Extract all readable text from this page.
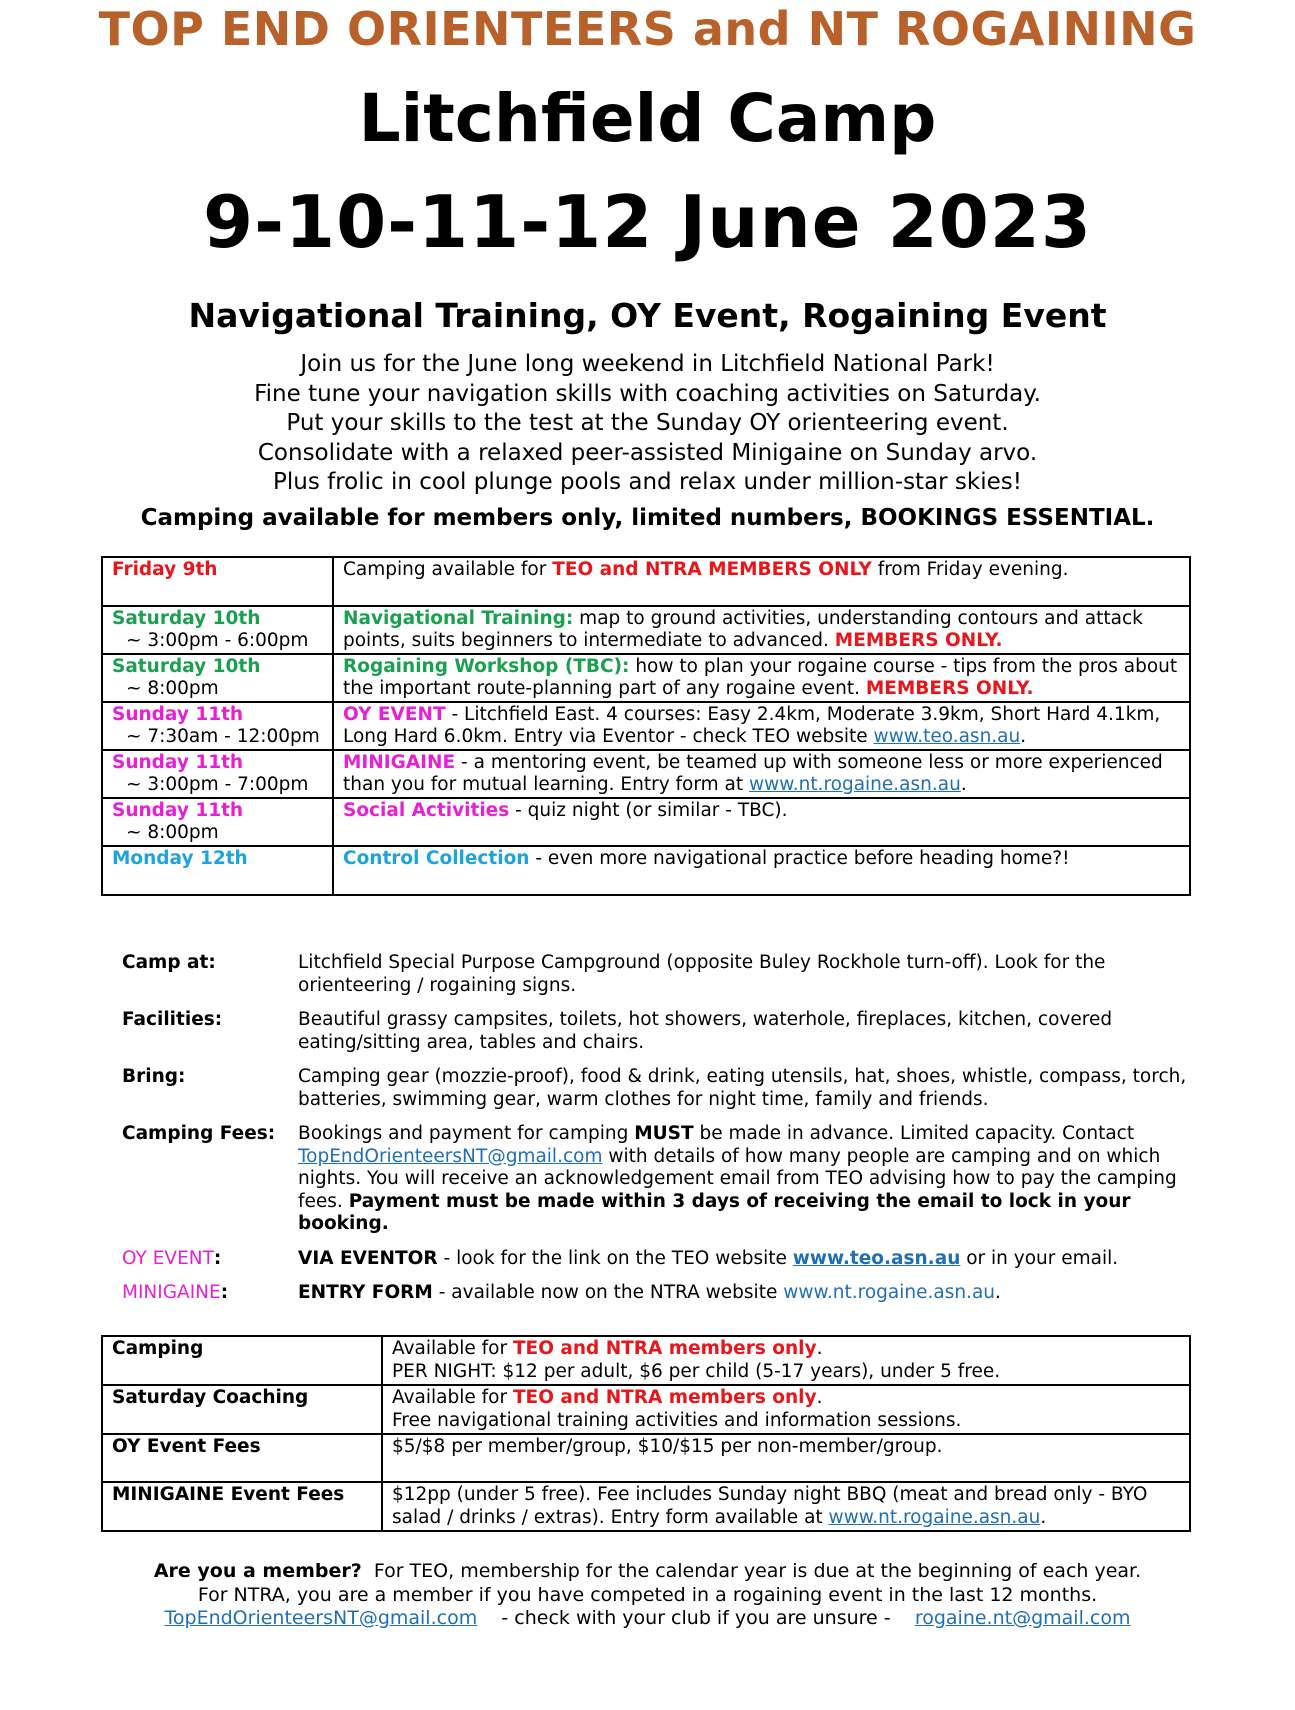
TOP END ORIENTEERS and NT ROGAINING
Litchfield Camp
9-10-11-12 June 2023
Navigational Training, OY Event, Rogaining Event
Join us for the June long weekend in Litchfield National Park!
Fine tune your navigation skills with coaching activities on Saturday.
Put your skills to the test at the Sunday OY orienteering event.
Consolidate with a relaxed peer-assisted Minigaine on Sunday arvo.
Plus frolic in cool plunge pools and relax under million-star skies!
Camping available for members only, limited numbers, BOOKINGS ESSENTIAL.
Friday 9th	Camping available for TEO and NTRA MEMBERS ONLY from Friday evening.

Saturday 10th
~ 3:00pm - 6:00pm	Navigational Training: map to ground activities, understanding contours and attack points, suits beginners to intermediate to advanced. MEMBERS ONLY.

Saturday 10th
~ 8:00pm	Rogaining Workshop (TBC): how to plan your rogaine course - tips from the pros about the important route-planning part of any rogaine event. MEMBERS ONLY.

Sunday 11th
~ 7:30am - 12:00pm	OY EVENT - Litchfield East. 4 courses: Easy 2.4km, Moderate 3.9km, Short Hard 4.1km, Long Hard 6.0km. Entry via Eventor - check TEO website www.teo.asn.au.

Sunday 11th
~ 3:00pm - 7:00pm	MINIGAINE - a mentoring event, be teamed up with someone less or more experienced than you for mutual learning. Entry form at www.nt.rogaine.asn.au.

Sunday 11th
~ 8:00pm	Social Activities - quiz night (or similar - TBC).

Monday 12th	Control Collection - even more navigational practice before heading home?!
Camp at:	Litchfield Special Purpose Campground (opposite Buley Rockhole turn-off). Look for the orienteering / rogaining signs.
Facilities:	Beautiful grassy campsites, toilets, hot showers, waterhole, fireplaces, kitchen, covered eating/sitting area, tables and chairs.
Bring:	Camping gear (mozzie-proof), food & drink, eating utensils, hat, shoes, whistle, compass, torch, batteries, swimming gear, warm clothes for night time, family and friends.
Camping Fees:	Bookings and payment for camping MUST be made in advance. Limited capacity. Contact TopEndOrienteersNT@gmail.com with details of how many people are camping and on which nights. You will receive an acknowledgement email from TEO advising how to pay the camping fees. Payment must be made within 3 days of receiving the email to lock in your booking.
OY EVENT:	VIA EVENTOR - look for the link on the TEO website www.teo.asn.au or in your email.
MINIGAINE:	ENTRY FORM - available now on the NTRA website www.nt.rogaine.asn.au.
Camping	Available for TEO and NTRA members only.
PER NIGHT: $12 per adult, $6 per child (5-17 years), under 5 free.
Saturday Coaching	Available for TEO and NTRA members only.
Free navigational training activities and information sessions.
OY Event Fees	$5/$8 per member/group, $10/$15 per non-member/group.
MINIGAINE Event Fees	$12pp (under 5 free). Fee includes Sunday night BBQ (meat and bread only - BYO salad / drinks / extras). Entry form available at www.nt.rogaine.asn.au.
Are you a member?  For TEO, membership for the calendar year is due at the beginning of each year.
For NTRA, you are a member if you have competed in a rogaining event in the last 12 months.
TopEndOrienteersNT@gmail.com    - check with your club if you are unsure -    rogaine.nt@gmail.com
